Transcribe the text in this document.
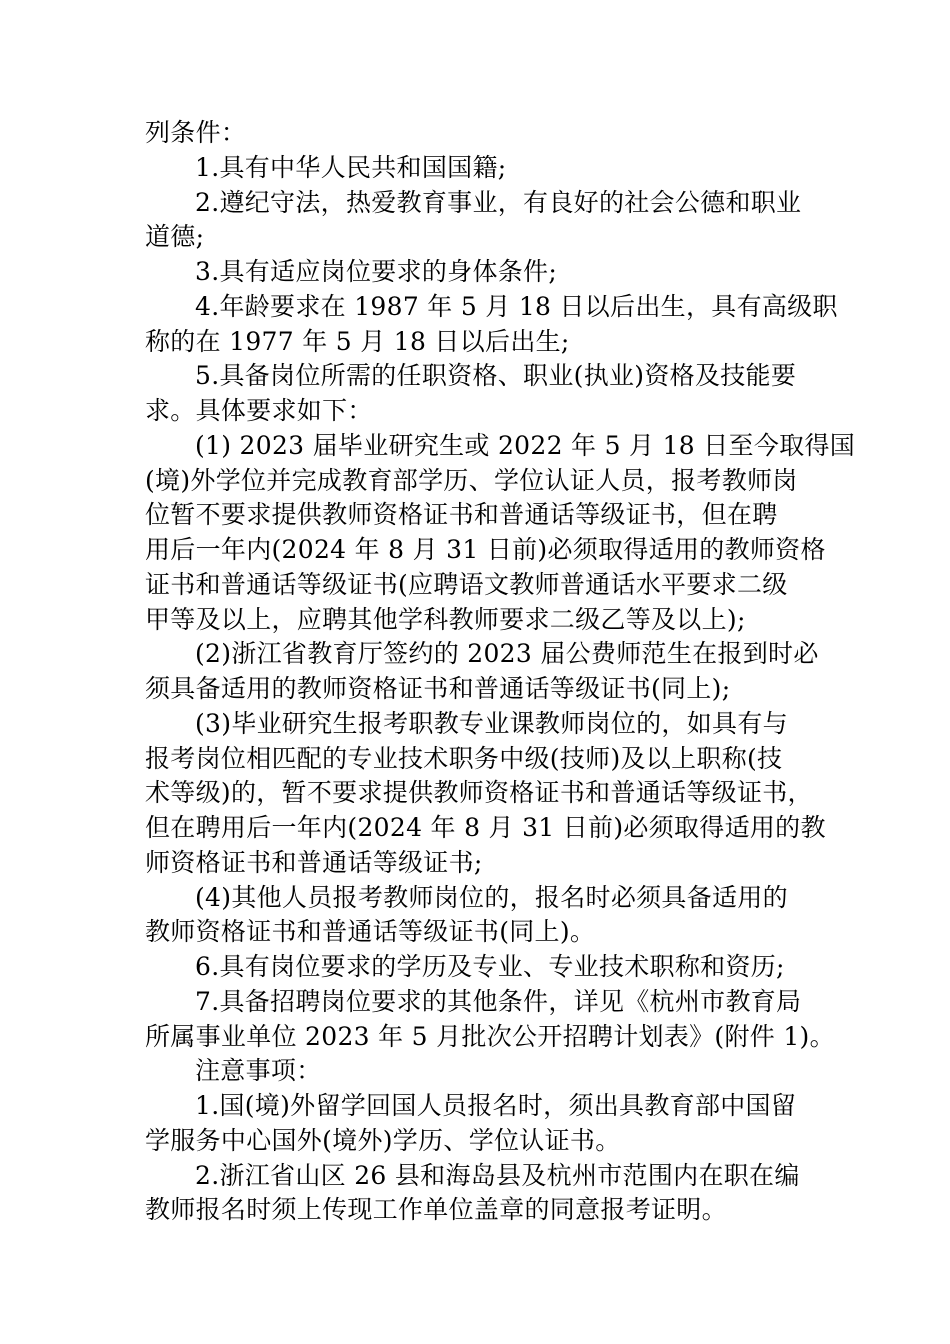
列条件：
1.具有中华人民共和国国籍;
2.遵纪守法，热爱教育事业，有良好的社会公德和职业
道德;
3.具有适应岗位要求的身体条件;
4.年龄要求在 1987 年 5 月 18 日以后出生，具有高级职
称的在 1977 年 5 月 18 日以后出生;
5.具备岗位所需的任职资格、职业(执业)资格及技能要
求。具体要求如下：
(1) 2023 届毕业研究生或 2022 年 5 月 18 日至今取得国
(境)外学位并完成教育部学历、学位认证人员，报考教师岗
位暂不要求提供教师资格证书和普通话等级证书，但在聘
用后一年内(2024 年 8 月 31 日前)必须取得适用的教师资格
证书和普通话等级证书(应聘语文教师普通话水平要求二级
甲等及以上，应聘其他学科教师要求二级乙等及以上);
(2)浙江省教育厅签约的 2023 届公费师范生在报到时必
须具备适用的教师资格证书和普通话等级证书(同上);
(3)毕业研究生报考职教专业课教师岗位的，如具有与
报考岗位相匹配的专业技术职务中级(技师)及以上职称(技
术等级)的，暂不要求提供教师资格证书和普通话等级证书，
但在聘用后一年内(2024 年 8 月 31 日前)必须取得适用的教
师资格证书和普通话等级证书;
(4)其他人员报考教师岗位的，报名时必须具备适用的
教师资格证书和普通话等级证书(同上)。
6.具有岗位要求的学历及专业、专业技术职称和资历;
7.具备招聘岗位要求的其他条件，详见《杭州市教育局
所属事业单位 2023 年 5 月批次公开招聘计划表》(附件 1)。
注意事项：
1.国(境)外留学回国人员报名时，须出具教育部中国留
学服务中心国外(境外)学历、学位认证书。
2.浙江省山区 26 县和海岛县及杭州市范围内在职在编
教师报名时须上传现工作单位盖章的同意报考证明。
